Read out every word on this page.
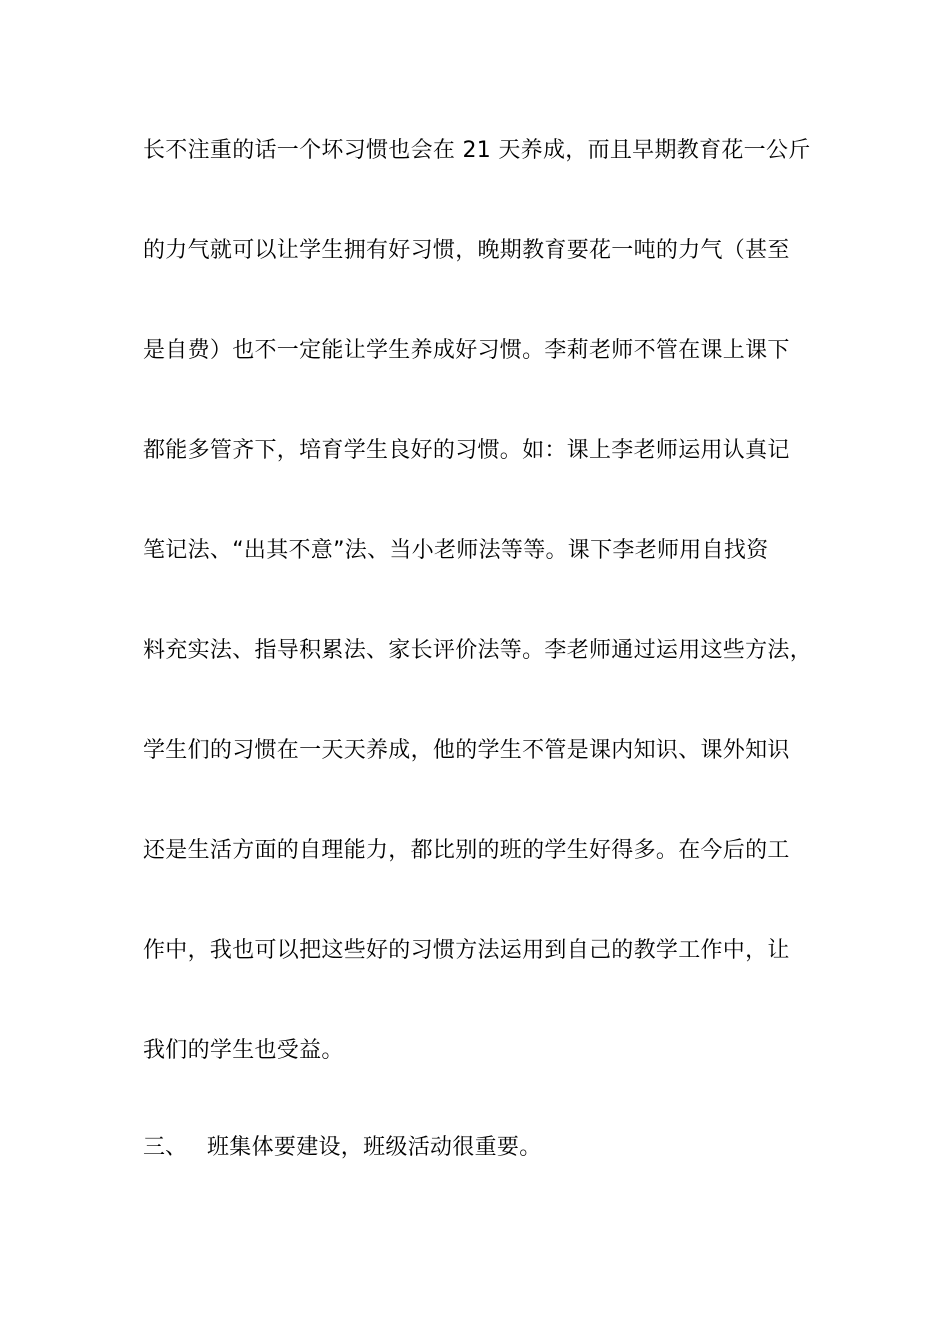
长不注重的话一个坏习惯也会在 21 天养成，而且早期教育花一公斤
的力气就可以让学生拥有好习惯，晚期教育要花一吨的力气（甚至
是自费）也不一定能让学生养成好习惯。李莉老师不管在课上课下
都能多管齐下，培育学生良好的习惯。如：课上李老师运用认真记
笔记法、“出其不意”法、当小老师法等等。课下李老师用自找资
料充实法、指导积累法、家长评价法等。李老师通过运用这些方法，
学生们的习惯在一天天养成，他的学生不管是课内知识、课外知识
还是生活方面的自理能力，都比别的班的学生好得多。在今后的工
作中，我也可以把这些好的习惯方法运用到自己的教学工作中，让
我们的学生也受益。
三、 班集体要建设，班级活动很重要。
